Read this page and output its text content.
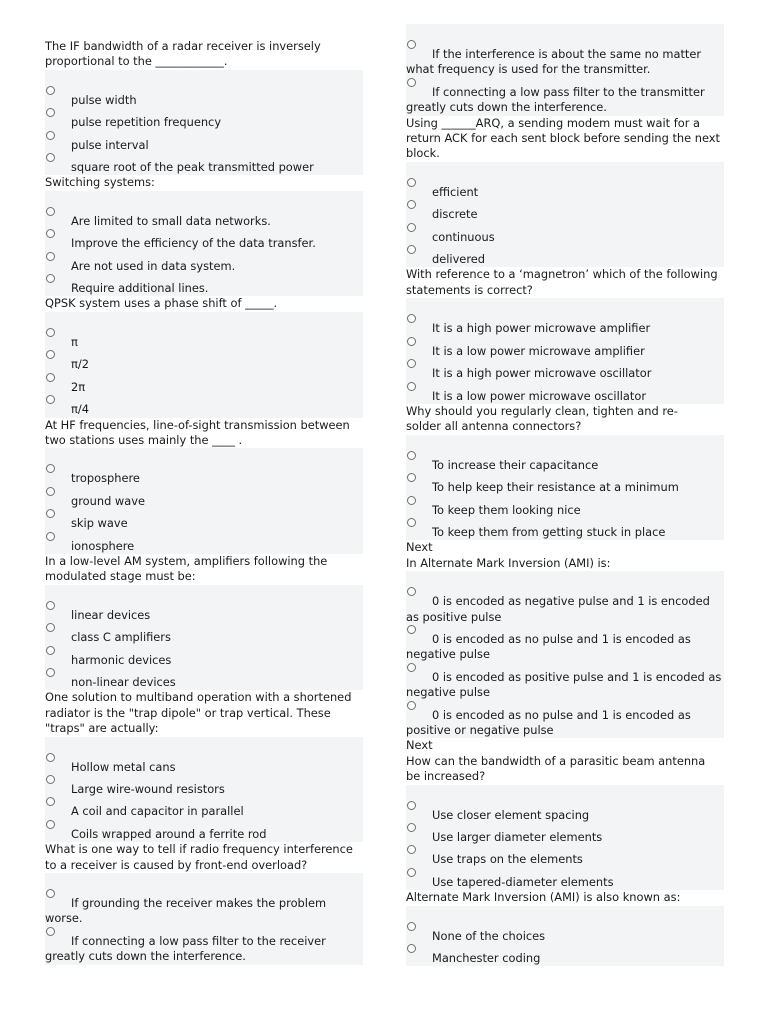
The IF bandwidth of a radar receiver is inversely
proportional to the ____________.

pulse width
pulse repetition frequency
pulse interval
square root of the peak transmitted power

Switching systems:

Are limited to small data networks.
Improve the efficiency of the data transfer.
Are not used in data system.
Require additional lines.

QPSK system uses a phase shift of _____.

π
π/2
2π
π/4

At HF frequencies, line-of-sight transmission between
two stations uses mainly the ____ .

troposphere
ground wave
skip wave
ionosphere

In a low-level AM system, amplifiers following the
modulated stage must be:

linear devices
class C amplifiers
harmonic devices
non-linear devices

One solution to multiband operation with a shortened
radiator is the "trap dipole" or trap vertical. These
"traps" are actually:

Hollow metal cans
Large wire-wound resistors
A coil and capacitor in parallel
Coils wrapped around a ferrite rod

What is one way to tell if radio frequency interference
to a receiver is caused by front-end overload?

If grounding the receiver makes the problem worse.
If connecting a low pass filter to the receiver greatly cuts down the interference.
If the interference is about the same no matter what frequency is used for the transmitter.
If connecting a low pass filter to the transmitter greatly cuts down the interference.

Using ______ARQ, a sending modem must wait for a
return ACK for each sent block before sending the next
block.

efficient
discrete
continuous
delivered

With reference to a ‘magnetron’ which of the following
statements is correct?

It is a high power microwave amplifier
It is a low power microwave amplifier
It is a high power microwave oscillator
It is a low power microwave oscillator

Why should you regularly clean, tighten and re-
solder all antenna connectors?

To increase their capacitance
To help keep their resistance at a minimum
To keep them looking nice
To keep them from getting stuck in place

Next

In Alternate Mark Inversion (AMI) is:

0 is encoded as negative pulse and 1 is encoded as positive pulse
0 is encoded as no pulse and 1 is encoded as negative pulse
0 is encoded as positive pulse and 1 is encoded as negative pulse
0 is encoded as no pulse and 1 is encoded as positive or negative pulse

Next

How can the bandwidth of a parasitic beam antenna
be increased?

Use closer element spacing
Use larger diameter elements
Use traps on the elements
Use tapered-diameter elements

Alternate Mark Inversion (AMI) is also known as:

None of the choices
Manchester coding
